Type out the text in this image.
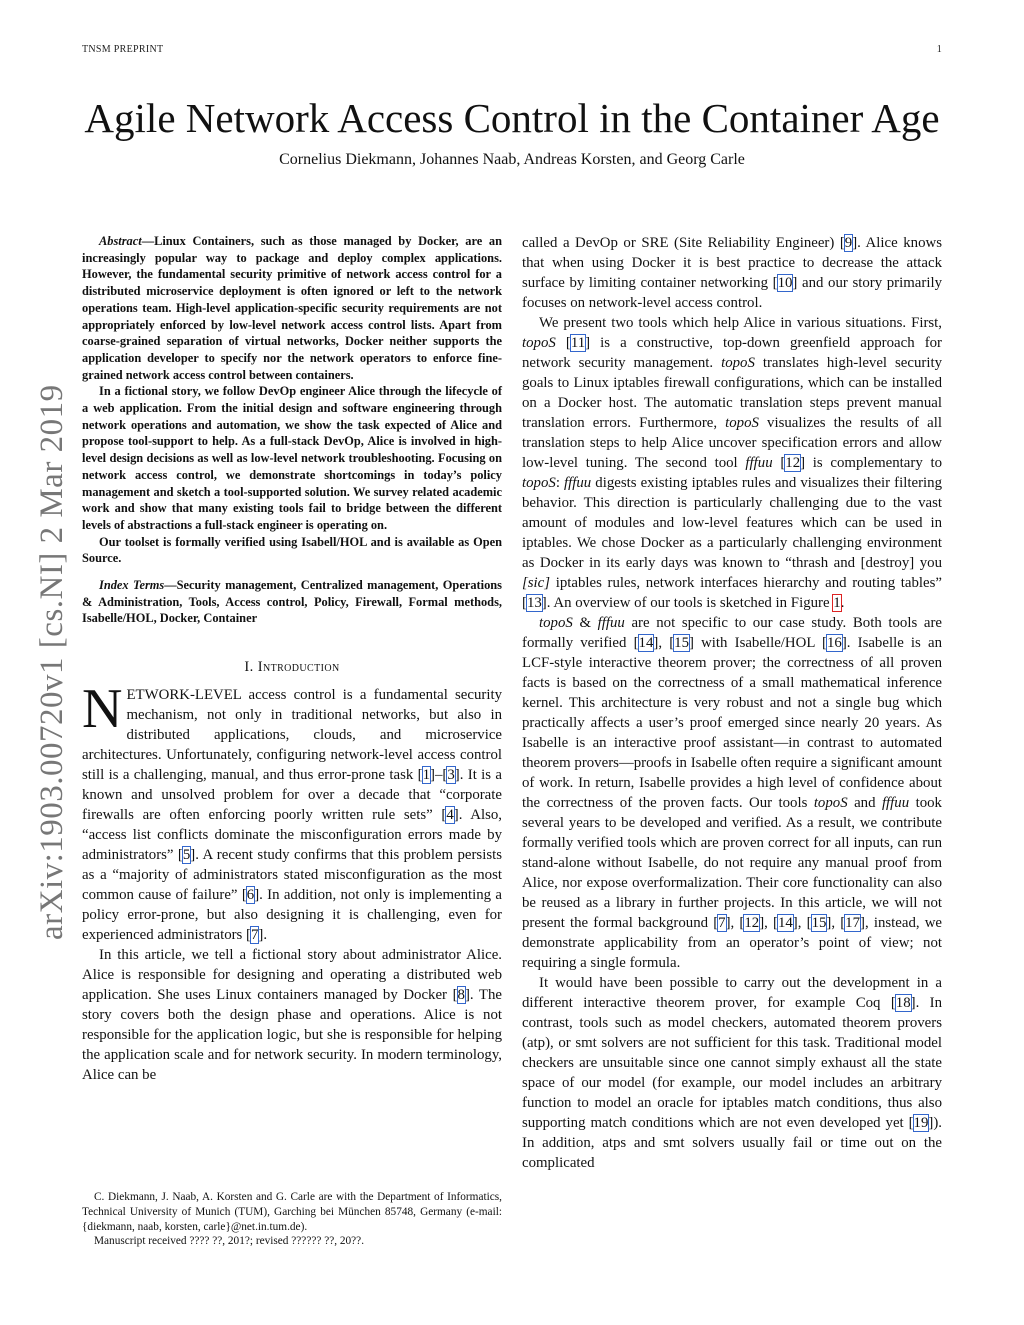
TNSM PREPRINT	1
arXiv:1903.00720v1 [cs.NI] 2 Mar 2019
Agile Network Access Control in the Container Age
Cornelius Diekmann, Johannes Naab, Andreas Korsten, and Georg Carle

Abstract—Linux Containers, such as those managed by Docker, are an increasingly popular way to package and deploy complex applications. However, the fundamental security primitive of network access control for a distributed microservice deployment is often ignored or left to the network operations team. High-level application-specific security requirements are not appropriately enforced by low-level network access control lists. Apart from coarse-grained separation of virtual networks, Docker neither supports the application developer to specify nor the network operators to enforce fine-grained network access control between containers.

In a fictional story, we follow DevOp engineer Alice through the lifecycle of a web application. From the initial design and software engineering through network operations and automation, we show the task expected of Alice and propose tool-support to help. As a full-stack DevOp, Alice is involved in high-level design decisions as well as low-level network troubleshooting. Focusing on network access control, we demonstrate shortcomings in today’s policy management and sketch a tool-supported solution. We survey related academic work and show that many existing tools fail to bridge between the different levels of abstractions a full-stack engineer is operating on.

Our toolset is formally verified using Isabell/HOL and is available as Open Source.

Index Terms—Security management, Centralized management, Operations & Administration, Tools, Access control, Policy, Firewall, Formal methods, Isabelle/HOL, Docker, Container

I. Introduction

NETWORK-LEVEL access control is a fundamental security mechanism, not only in traditional networks, but also in distributed applications, clouds, and microservice architectures. Unfortunately, configuring network-level access control still is a challenging, manual, and thus error-prone task [1]–[3]. It is a known and unsolved problem for over a decade that “corporate firewalls are often enforcing poorly written rule sets” [4]. Also, “access list conflicts dominate the misconfiguration errors made by administrators” [5]. A recent study confirms that this problem persists as a “majority of administrators stated misconfiguration as the most common cause of failure” [6]. In addition, not only is implementing a policy error-prone, but also designing it is challenging, even for experienced administrators [7].

In this article, we tell a fictional story about administrator Alice. Alice is responsible for designing and operating a distributed web application. She uses Linux containers managed by Docker [8]. The story covers both the design phase and operations. Alice is not responsible for the application logic, but she is responsible for helping the application scale and for network security. In modern terminology, Alice can be

C. Diekmann, J. Naab, A. Korsten and G. Carle are with the Department of Informatics, Technical University of Munich (TUM), Garching bei München 85748, Germany (e-mail: {diekmann, naab, korsten, carle}@net.in.tum.de).

Manuscript received ???? ??, 201?; revised ?????? ??, 20??.

called a DevOp or SRE (Site Reliability Engineer) [9]. Alice knows that when using Docker it is best practice to decrease the attack surface by limiting container networking [10] and our story primarily focuses on network-level access control.

We present two tools which help Alice in various situations. First, topoS [11] is a constructive, top-down greenfield approach for network security management. topoS translates high-level security goals to Linux iptables firewall configurations, which can be installed on a Docker host. The automatic translation steps prevent manual translation errors. Furthermore, topoS visualizes the results of all translation steps to help Alice uncover specification errors and allow low-level tuning. The second tool fffuu [12] is complementary to topoS: fffuu digests existing iptables rules and visualizes their filtering behavior. This direction is particularly challenging due to the vast amount of modules and low-level features which can be used in iptables. We chose Docker as a particularly challenging environment as Docker in its early days was known to “thrash and [destroy] you [sic] iptables rules, network interfaces hierarchy and routing tables” [13]. An overview of our tools is sketched in Figure 1.

topoS & fffuu are not specific to our case study. Both tools are formally verified [14], [15] with Isabelle/HOL [16]. Isabelle is an LCF-style interactive theorem prover; the correctness of all proven facts is based on the correctness of a small mathematical inference kernel. This architecture is very robust and not a single bug which practically affects a user’s proof emerged since nearly 20 years. As Isabelle is an interactive proof assistant—in contrast to automated theorem provers—proofs in Isabelle often require a significant amount of work. In return, Isabelle provides a high level of confidence about the correctness of the proven facts. Our tools topoS and fffuu took several years to be developed and verified. As a result, we contribute formally verified tools which are proven correct for all inputs, can run stand-alone without Isabelle, do not require any manual proof from Alice, nor expose overformalization. Their core functionality can also be reused as a library in further projects. In this article, we will not present the formal background [7], [12], [14], [15], [17], instead, we demonstrate applicability from an operator’s point of view; not requiring a single formula.

It would have been possible to carry out the development in a different interactive theorem prover, for example Coq [18]. In contrast, tools such as model checkers, automated theorem provers (atp), or smt solvers are not sufficient for this task. Traditional model checkers are unsuitable since one cannot simply exhaust all the state space of our model (for example, our model includes an arbitrary function to model an oracle for iptables match conditions, thus also supporting match conditions which are not even developed yet [19]). In addition, atps and smt solvers usually fail or time out on the complicated
